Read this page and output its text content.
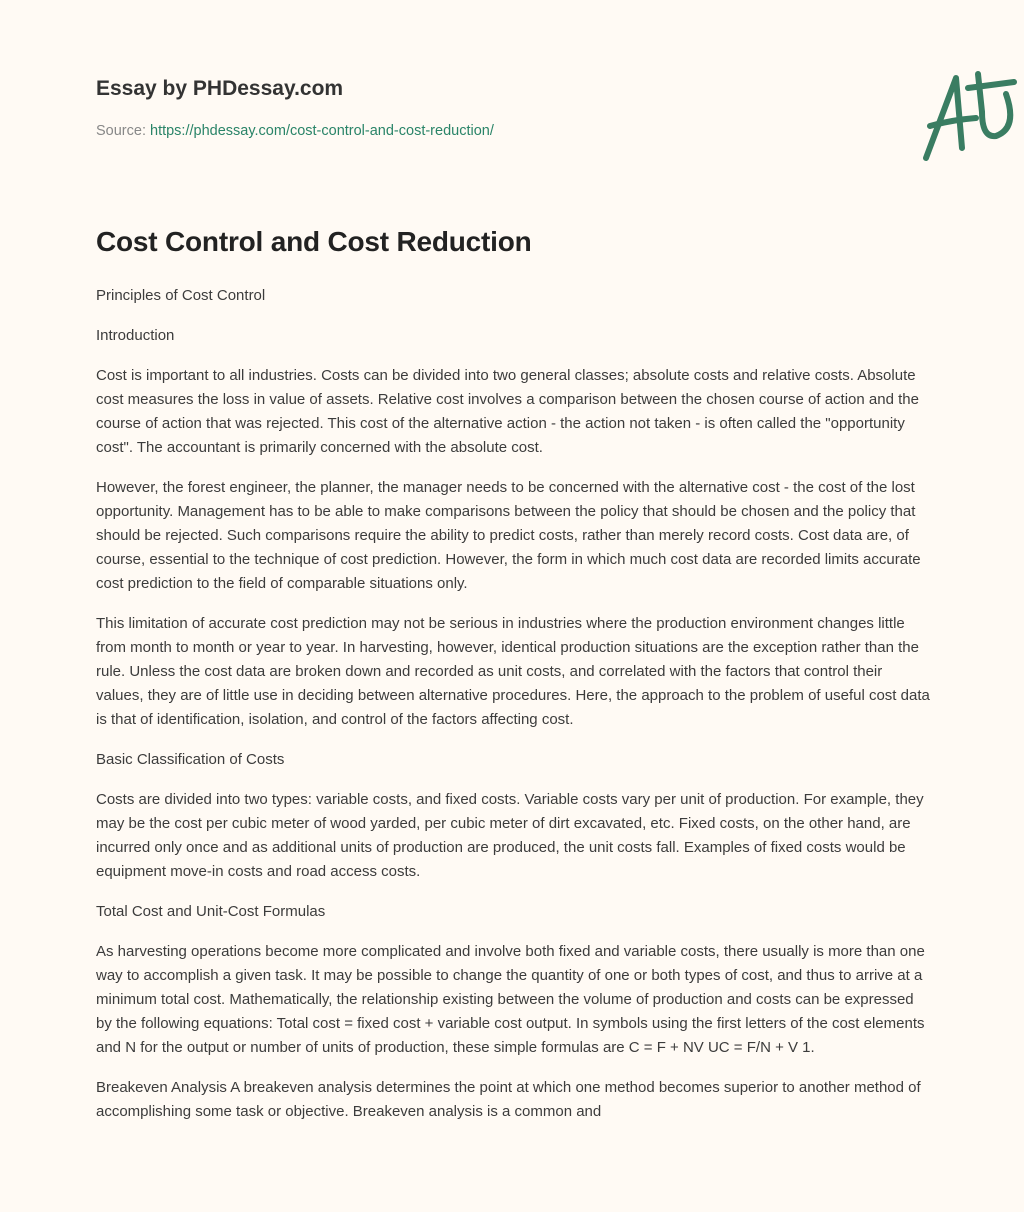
Essay by PHDessay.com

Source: https://phdessay.com/cost-control-and-cost-reduction/
Cost Control and Cost Reduction

Principles of Cost Control

Introduction

Cost is important to all industries. Costs can be divided into two general classes; absolute costs and relative costs. Absolute cost measures the loss in value of assets. Relative cost involves a comparison between the chosen course of action and the course of action that was rejected. This cost of the alternative action - the action not taken - is often called the "opportunity cost". The accountant is primarily concerned with the absolute cost.

However, the forest engineer, the planner, the manager needs to be concerned with the alternative cost - the cost of the lost opportunity. Management has to be able to make comparisons between the policy that should be chosen and the policy that should be rejected. Such comparisons require the ability to predict costs, rather than merely record costs. Cost data are, of course, essential to the technique of cost prediction. However, the form in which much cost data are recorded limits accurate cost prediction to the field of comparable situations only.

This limitation of accurate cost prediction may not be serious in industries where the production environment changes little from month to month or year to year. In harvesting, however, identical production situations are the exception rather than the rule. Unless the cost data are broken down and recorded as unit costs, and correlated with the factors that control their values, they are of little use in deciding between alternative procedures. Here, the approach to the problem of useful cost data is that of identification, isolation, and control of the factors affecting cost.

Basic Classification of Costs

Costs are divided into two types: variable costs, and fixed costs. Variable costs vary per unit of production. For example, they may be the cost per cubic meter of wood yarded, per cubic meter of dirt excavated, etc. Fixed costs, on the other hand, are incurred only once and as additional units of production are produced, the unit costs fall. Examples of fixed costs would be equipment move-in costs and road access costs.

Total Cost and Unit-Cost Formulas

As harvesting operations become more complicated and involve both fixed and variable costs, there usually is more than one way to accomplish a given task. It may be possible to change the quantity of one or both types of cost, and thus to arrive at a minimum total cost. Mathematically, the relationship existing between the volume of production and costs can be expressed by the following equations: Total cost = fixed cost + variable cost output. In symbols using the first letters of the cost elements and N for the output or number of units of production, these simple formulas are C = F + NV UC = F/N + V 1.

Breakeven Analysis A breakeven analysis determines the point at which one method becomes superior to another method of accomplishing some task or objective. Breakeven analysis is a common and
